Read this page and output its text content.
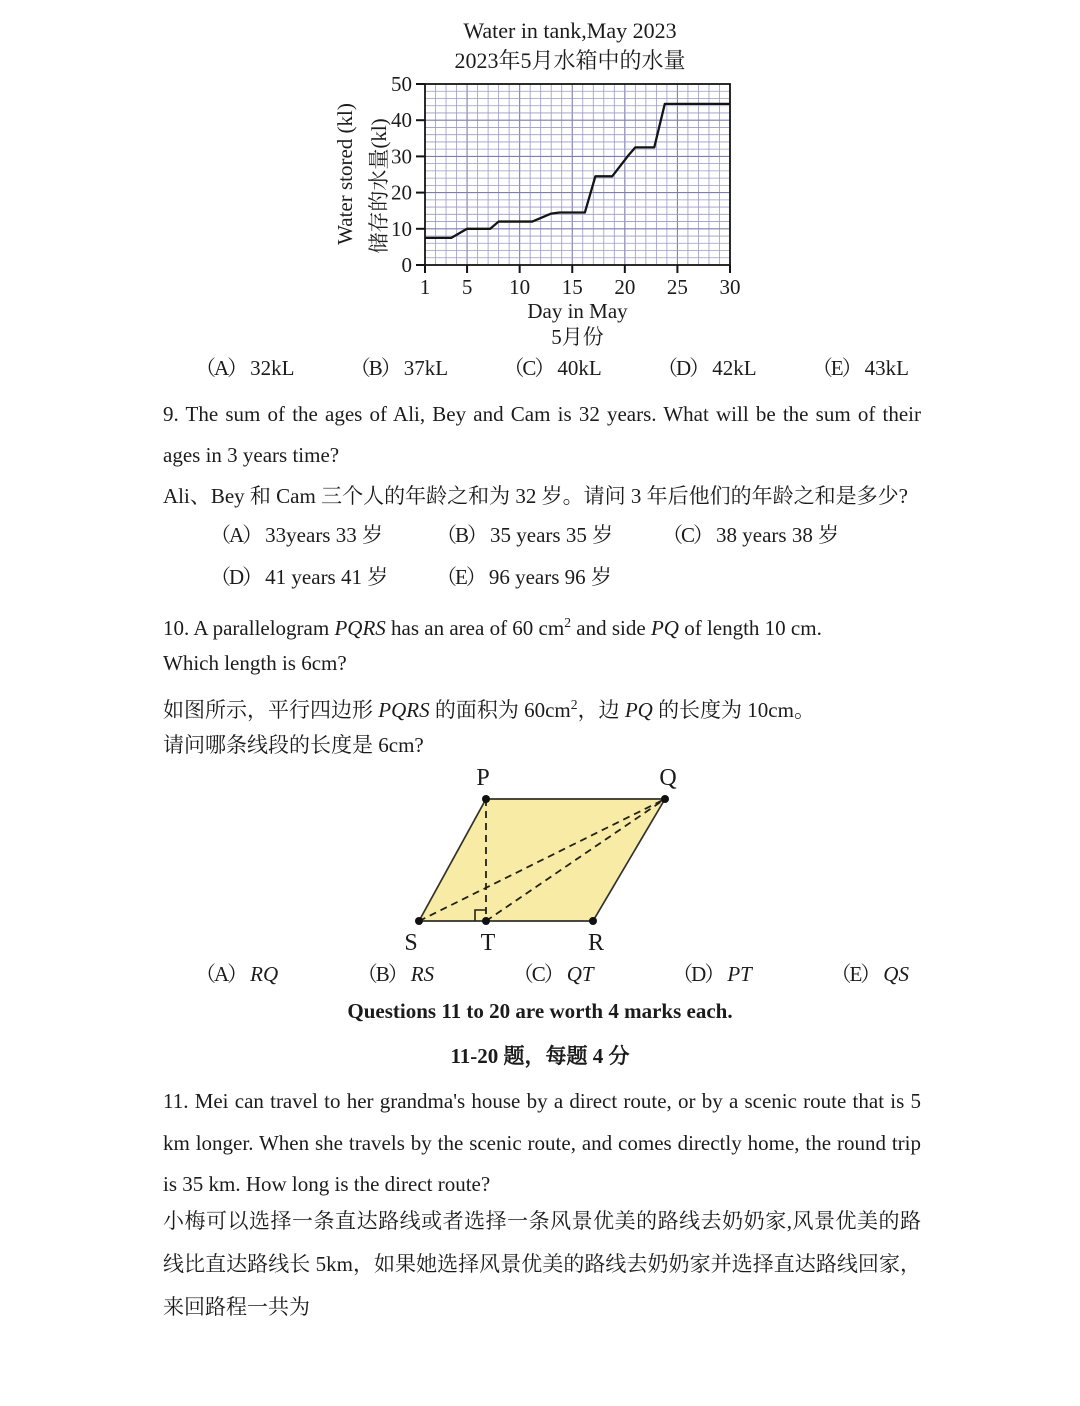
0
10
20
30
40
50
1 5 10 15 20 25 30
Water in tank,May 2023
2023年5月水箱中的水量
Water stored (kl) 储存的水量(kl)
Day in May
5月份
（A） 32kL	（B） 37kL	（C） 40kL	（D） 42kL	（E） 43kL
9. The sum of the ages of Ali, Bey and Cam is 32 years. What will be the sum of their ages in 3 years time?
Ali、Bey 和 Cam 三个人的年龄之和为 32 岁。请问 3 年后他们的年龄之和是多少?
（A） 33years 33 岁	（B） 35 years 35 岁 （C） 38 years 38 岁
（D） 41 years 41 岁 （E） 96 years 96 岁
10. A parallelogram PQRS has an area of 60 $cm^2$ and side PQ of length 10 cm.
Which length is 6cm?
如图所示，平行四边形 PQRS 的面积为 $60cm^2$，边 PQ 的长度为 10cm。
请问哪条线段的长度是 6cm?
P	Q
S	T	R
（A） RQ	（B） RS	（C） QT	（D） PT	（E） QS
Questions 11 to 20 are worth 4 marks each.
11-20 题，每题 4 分
11. Mei can travel to her grandma's house by a direct route, or by a scenic route that is 5 km longer. When she travels by the scenic route, and comes directly home, the round trip is 35 km. How long is the direct route?
小梅可以选择一条直达路线或者选择一条风景优美的路线去奶奶家,风景优美的路线比直达路线长 5km，如果她选择风景优美的路线去奶奶家并选择直达路线回家，来回路程一共为
